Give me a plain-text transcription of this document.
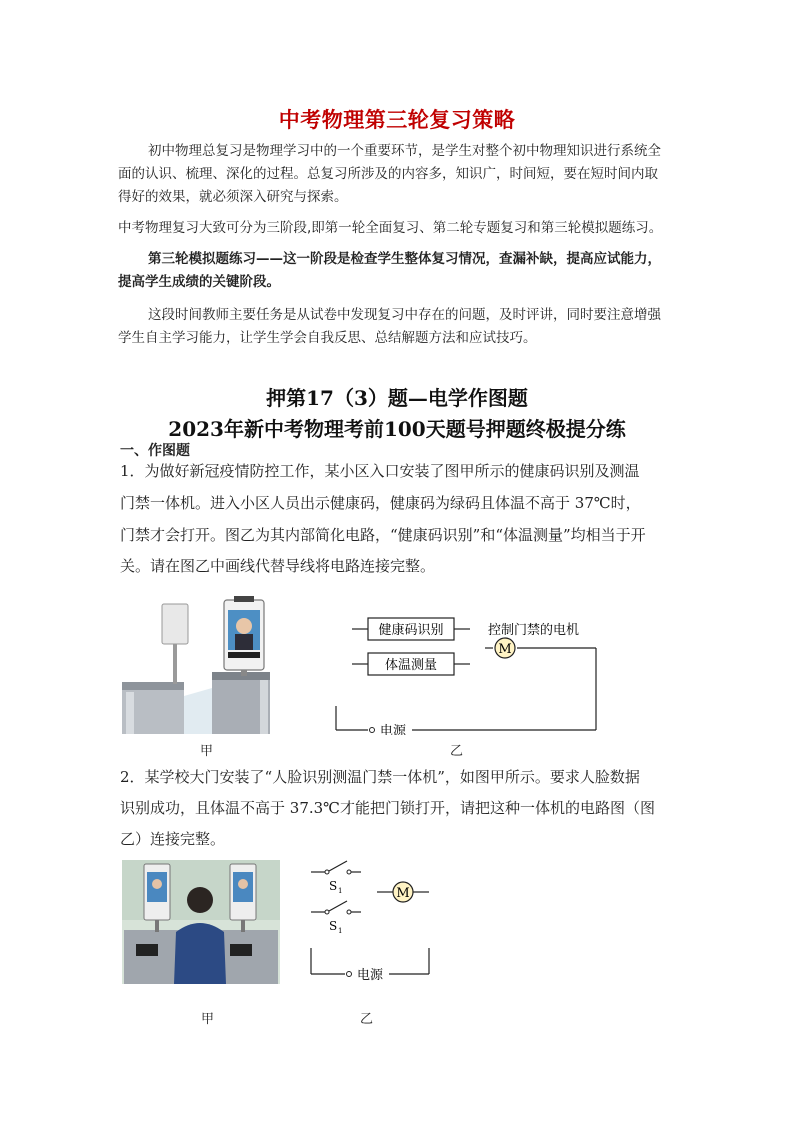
中考物理第三轮复习策略
初中物理总复习是物理学习中的一个重要环节，是学生对整个初中物理知识进行系统全
面的认识、梳理、深化的过程。总复习所涉及的内容多，知识广，时间短，要在短时间内取
得好的效果，就必须深入研究与探索。
中考物理复习大致可分为三阶段,即第一轮全面复习、第二轮专题复习和第三轮模拟题练习。
第三轮模拟题练习——这一阶段是检查学生整体复习情况，查漏补缺，提高应试能力，
提高学生成绩的关键阶段。
这段时间教师主要任务是从试卷中发现复习中存在的问题，及时评讲，同时要注意增强
学生自主学习能力，让学生学会自我反思、总结解题方法和应试技巧。
押第17（3）题—电学作图题
2023年新中考物理考前100天题号押题终极提分练
一、作图题
1．为做好新冠疫情防控工作，某小区入口安装了图甲所示的健康码识别及测温
门禁一体机。进入小区人员出示健康码，健康码为绿码且体温不高于 37℃时，
门禁才会打开。图乙为其内部简化电路，“健康码识别”和“体温测量”均相当于开
关。请在图乙中画线代替导线将电路连接完整。
甲
健康码识别
体温测量
控制门禁的电机
M
电源
乙
2．某学校大门安装了“人脸识别测温门禁一体机”，如图甲所示。要求人脸数据
识别成功，且体温不高于 37.3℃才能把门锁打开，请把这种一体机的电路图（图
乙）连接完整。
甲
S 1
S 1
M
电源
乙
